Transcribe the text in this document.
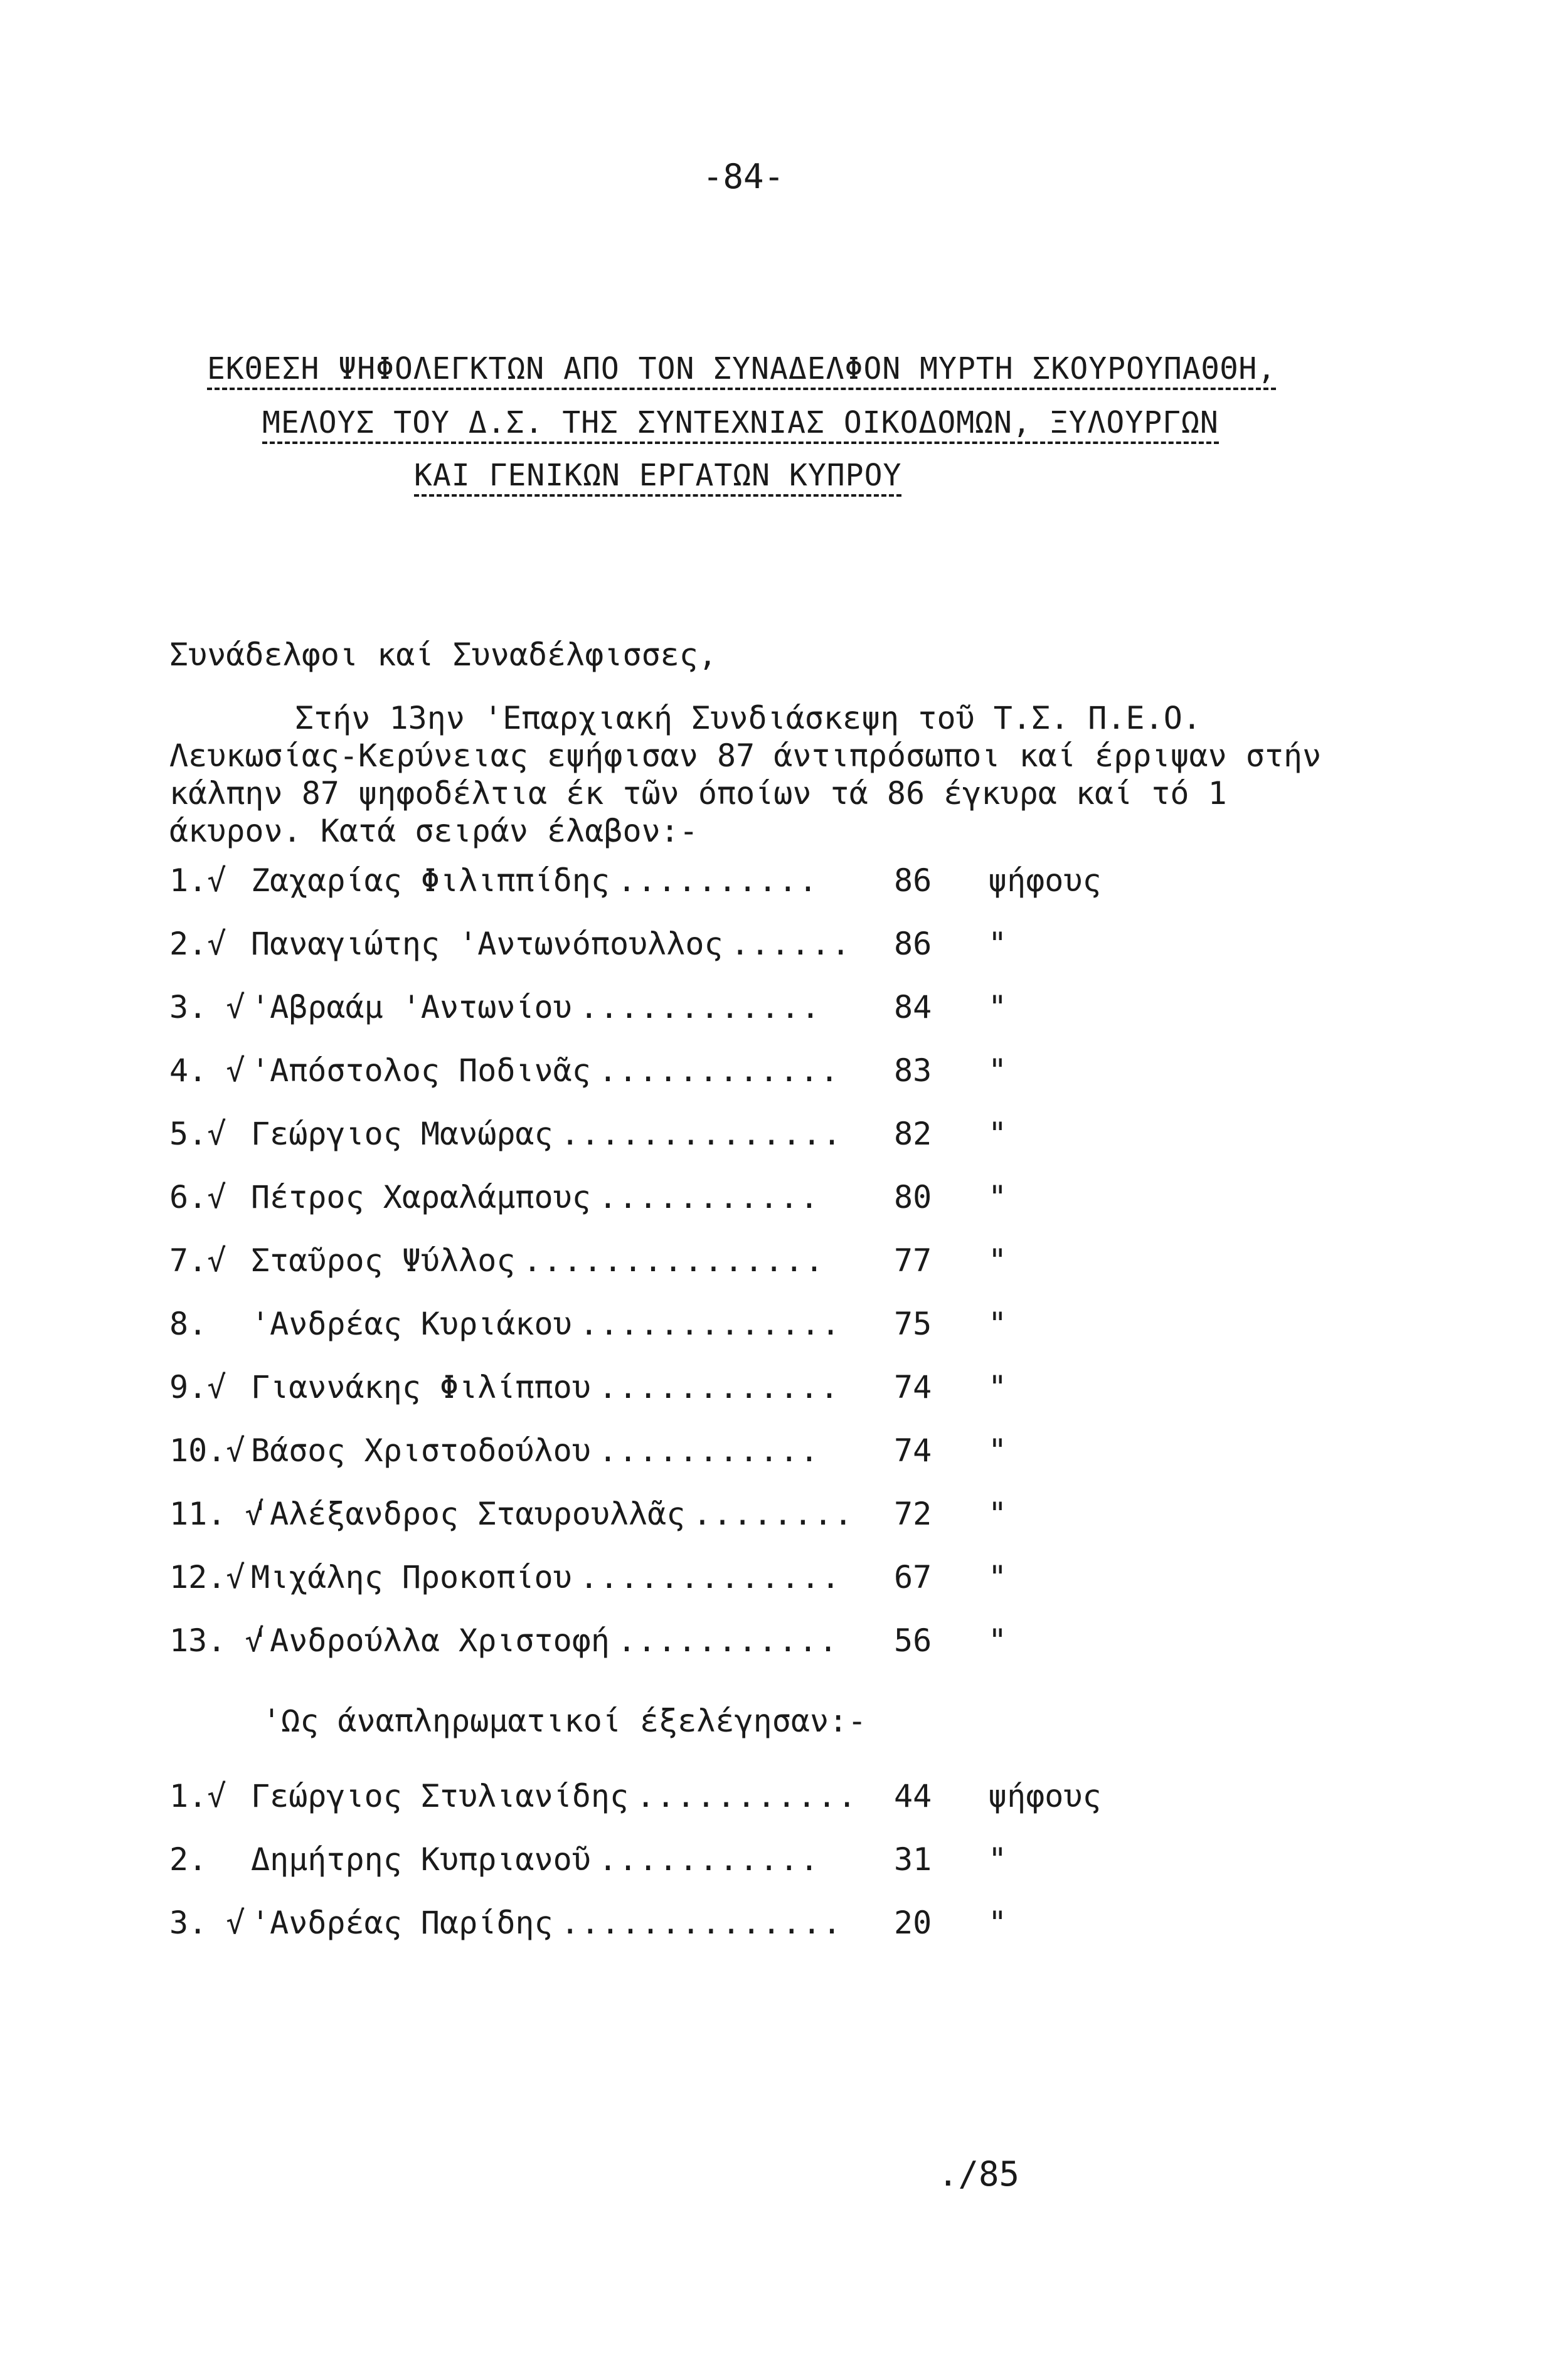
-84-
ΕΚΘΕΣΗ ΨΗΦΟΛΕΓΚΤΩΝ ΑΠΟ ΤΟΝ ΣΥΝΑΔΕΛΦΟΝ ΜΥΡΤΗ ΣΚΟΥΡΟΥΠΑΘΘΗ,
ΜΕΛΟΥΣ ΤΟΥ Δ.Σ. ΤΗΣ ΣΥΝΤΕΧΝΙΑΣ ΟΙΚΟΔΟΜΩΝ, ΞΥΛΟΥΡΓΩΝ
ΚΑΙ ΓΕΝΙΚΩΝ ΕΡΓΑΤΩΝ ΚΥΠΡΟΥ
Συνάδελφοι καί Συναδέλφισσες,

Στήν 13ην 'Επαρχιακή Συνδιάσκεψη τοῦ Τ.Σ. Π.Ε.Ο.

Λευκωσίας-Κερύνειας εψήφισαν 87 άντιπρόσωποι καί έρριψαν στήν

κάλπην 87 ψηφοδέλτια έκ τῶν όποίων τά 86 έγκυρα καί τό 1

άκυρον. Κατά σειράν έλαβον:-

1.√ Ζαχαρίας Φιλιππίδης .......... 86 ψήφους
2.√ Παναγιώτης 'Αντωνόπουλλος ...... 86 "
3. √ 'Αβραάμ 'Αντωνίου ............ 84 "
4. √ 'Απόστολος Ποδινᾶς ............ 83 "
5.√ Γεώργιος Μανώρας .............. 82 "
6.√ Πέτρος Χαραλάμπους ........... 80 "
7.√ Σταῦρος Ψύλλος ............... 77 "
8. 'Ανδρέας Κυριάκου ............. 75 "
9.√ Γιαννάκης Φιλίππου ............ 74 "
10.√ Βάσος Χριστοδούλου ........... 74 "
11. √
'Αλέξανδρος Σταυρουλλᾶς ........ 72 "
12.√ Μιχάλης Προκοπίου ............. 67 "
13. √
'Ανδρούλλα Χριστοφή ........... 56 "
'Ως άναπληρωματικοί έξελέγησαν:-
1.√ Γεώργιος Στυλιανίδης ........... 44 ψήφους
2. Δημήτρης Κυπριανοῦ ........... 31 "
3. √ 'Ανδρέας Παρίδης .............. 20 "
./85
